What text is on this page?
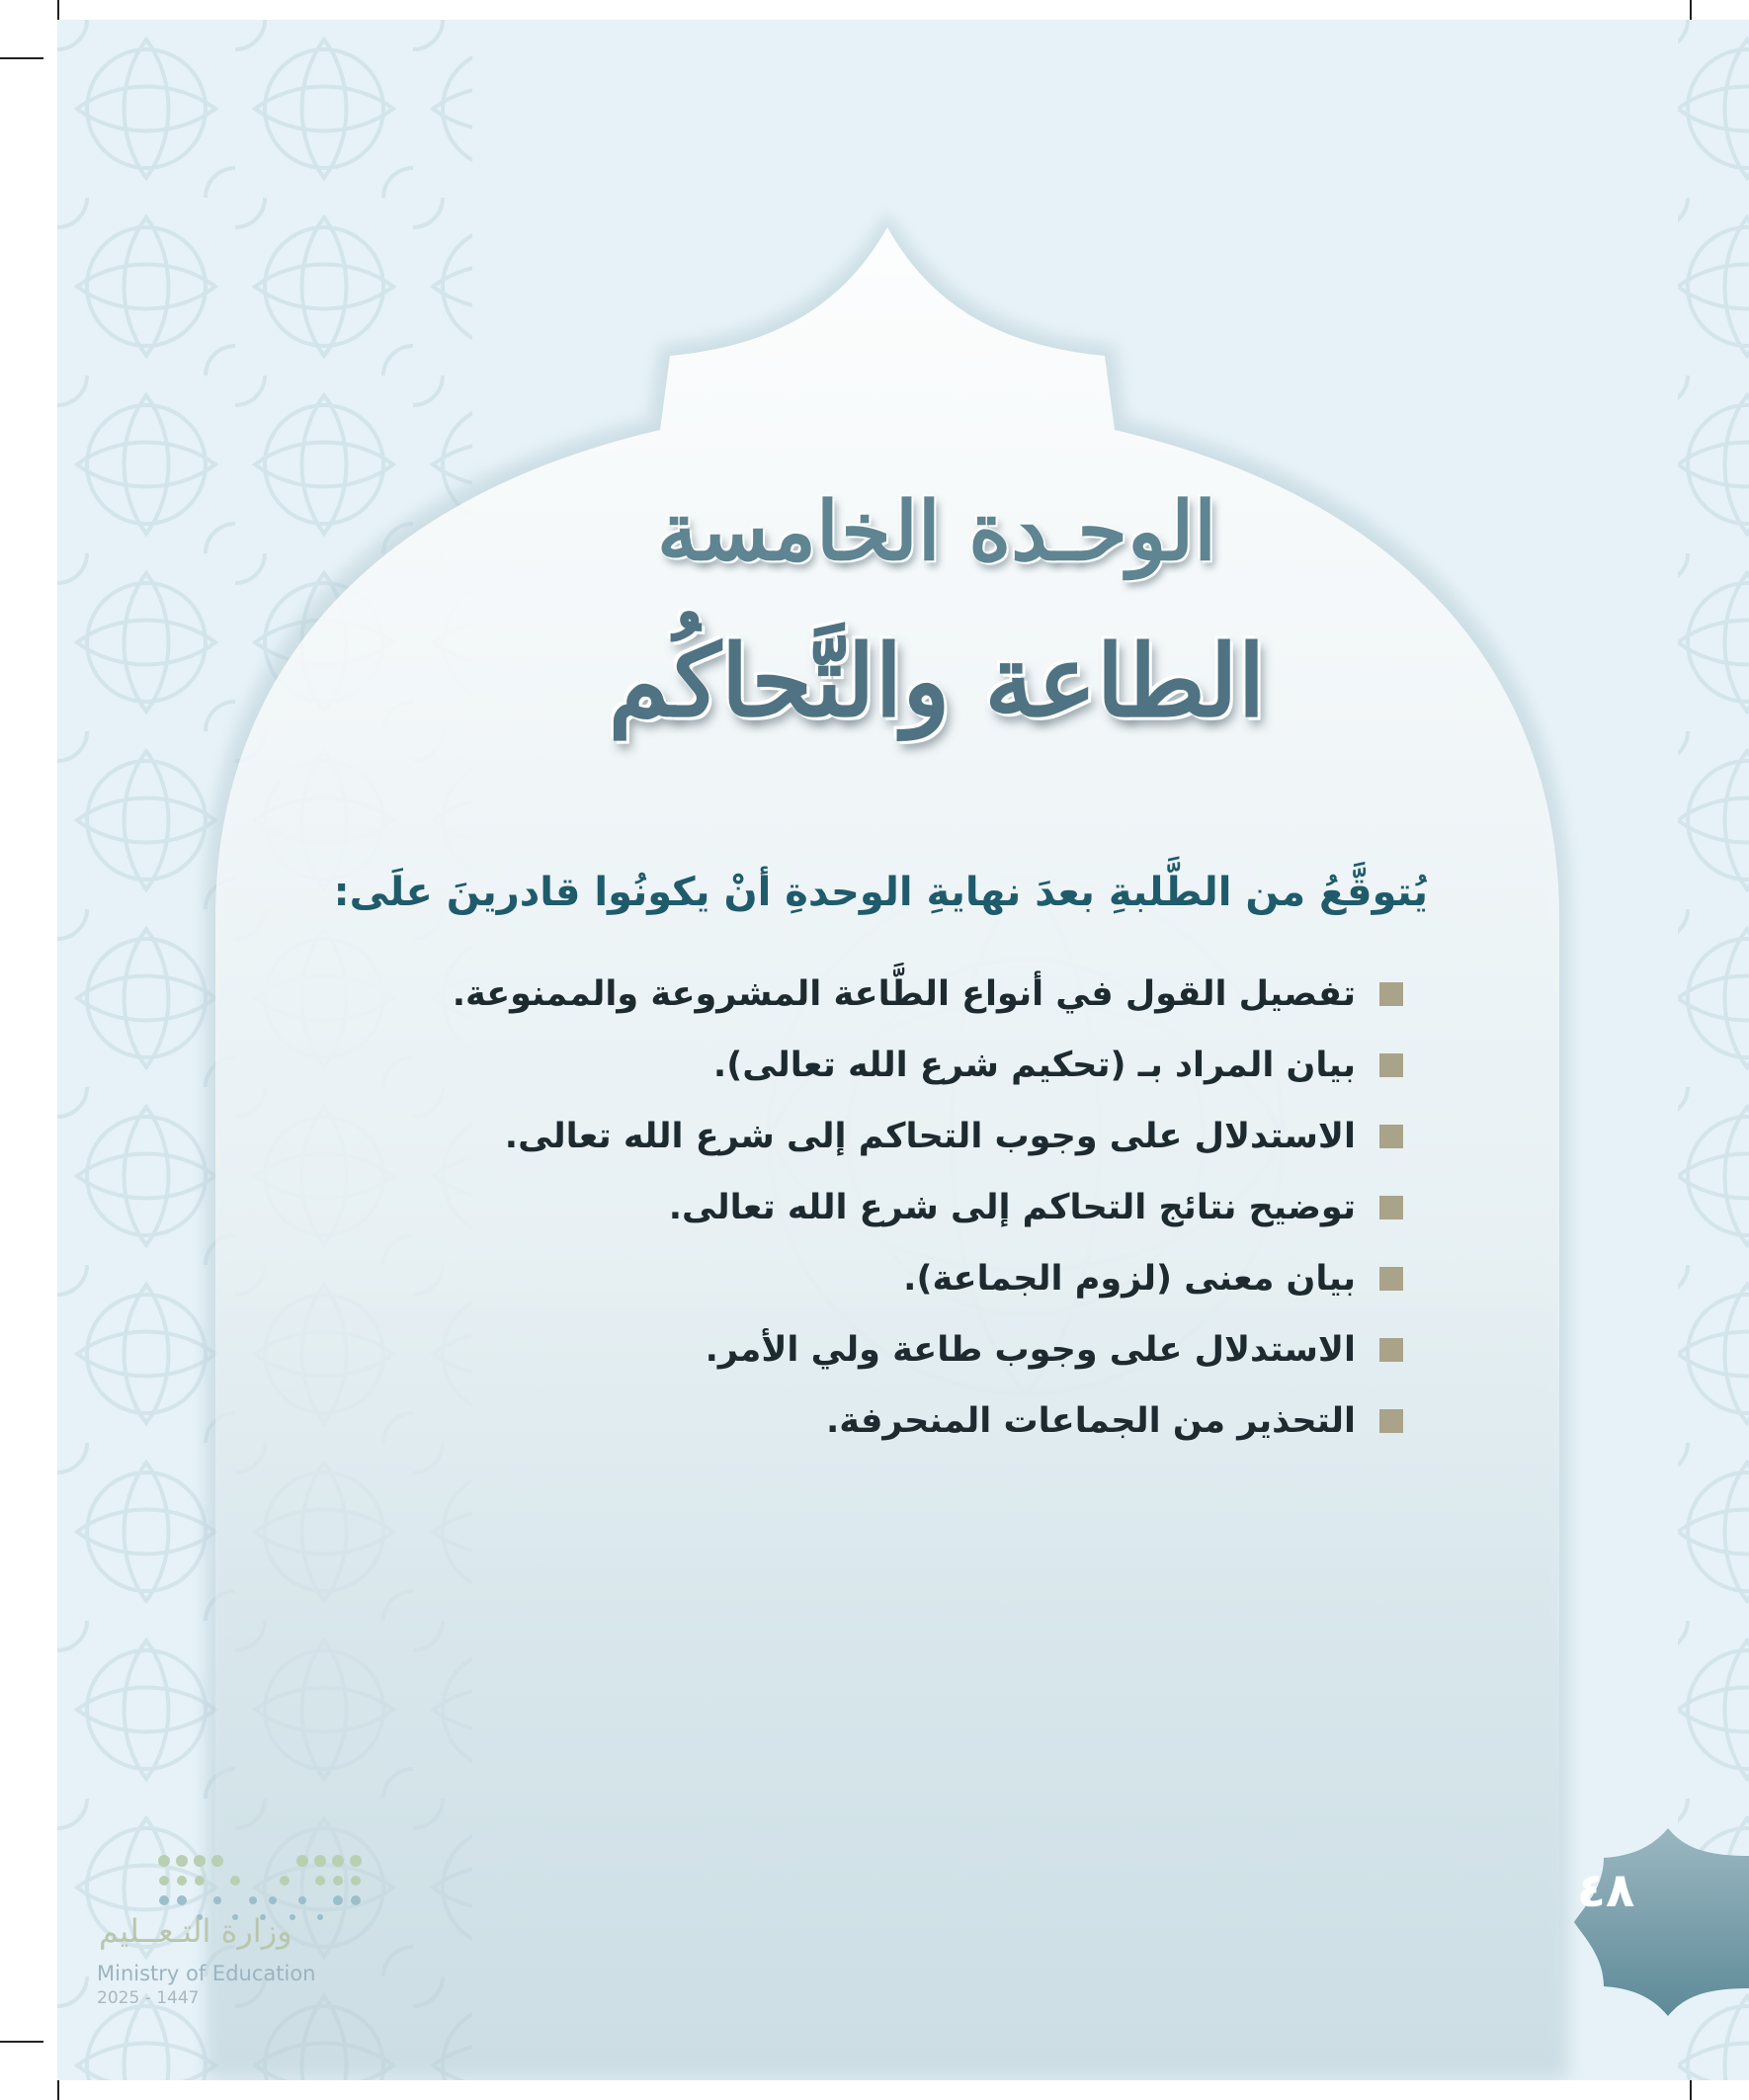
الوحـدة الخامسة
الطاعة والتَّحاكُم
يُتوقَّعُ من الطَّلبةِ بعدَ نهايةِ الوحدةِ أنْ يكونُوا قادرينَ علَى:
تفصيل القول في أنواع الطَّاعة المشروعة والممنوعة.
بيان المراد بـ (تحكيم شرع الله تعالى).
الاستدلال على وجوب التحاكم إلى شرع الله تعالى.
توضيح نتائج التحاكم إلى شرع الله تعالى.
بيان معنى (لزوم الجماعة).
الاستدلال على وجوب طاعة ولي الأمر.
التحذير من الجماعات المنحرفة.
وزارة التـعــليم
Ministry of Education
2025 - 1447
٤٨
